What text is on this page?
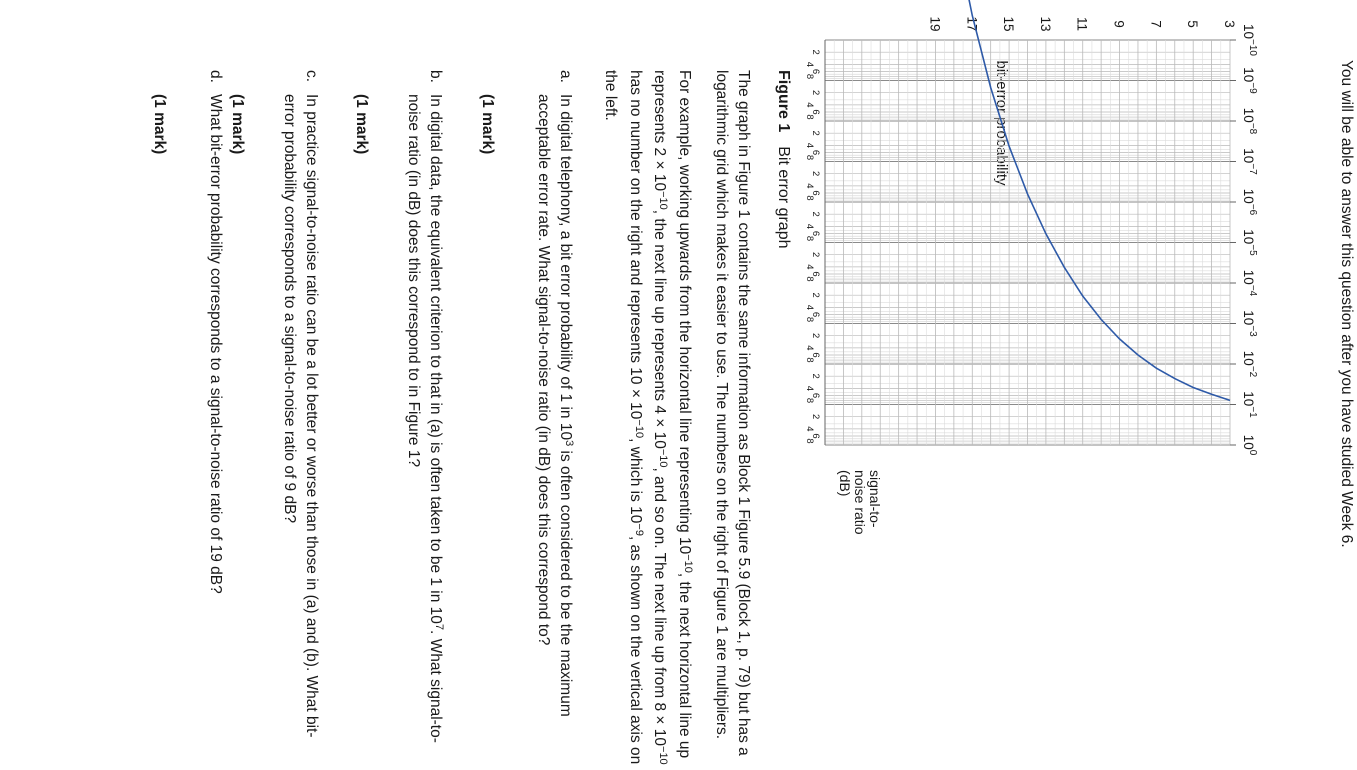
You will be able to answer this question after you have studied Week 6.
bit-error probability
$10^0$
$10^{-1}$
$10^{-2}$
$10^{-3}$
$10^{-4}$
$10^{-5}$
$10^{-6}$
$10^{-7}$
$10^{-8}$
$10^{-9}$
$10^{-10}$
3
5
7
9
11
13
15
17
19
2
4
6
8
2
4
6
8
2
4
6
8
2
4
6
8
2
4
6
8
2
4
6
8
2
4
6
8
2
4
6
8
2
4
6
8
2
4
6
8
signal-to-noise ratio (dB)
Figure 1Bit error graph
The graph in Figure 1 contains the same information as Block 1 Figure 5.9 (Block 1, p. 79) but has a logarithmic grid which makes it easier to use. The numbers on the right of Figure 1 are multipliers.
For example, working upwards from the horizontal line representing $10^{-10}$, the next horizontal line up represents $2 \times 10^{-10}$, the next line up represents $4 \times 10^{-10}$, and so on. The next line up from $8 \times 10^{-10}$ has no number on the right and represents $10 \times 10^{-10}$, which is $10^{-9}$, as shown on the vertical axis on the left.
a.
In digital telephony, a bit error probability of 1 in $10^3$ is often considered to be the maximum acceptable error rate. What signal-to-noise ratio (in dB) does this correspond to?
(1 mark)
b.
In digital data, the equivalent criterion to that in (a) is often taken to be 1 in $10^7$. What signal-to-noise ratio (in dB) does this correspond to in Figure 1?
(1 mark)
c.
In practice signal-to-noise ratio can be a lot better or worse than those in (a) and (b). What bit-error probability corresponds to a signal-to-noise ratio of 9 dB?
(1 mark)
d.
What bit-error probability corresponds to a signal-to-noise ratio of 19 dB?
(1 mark)
